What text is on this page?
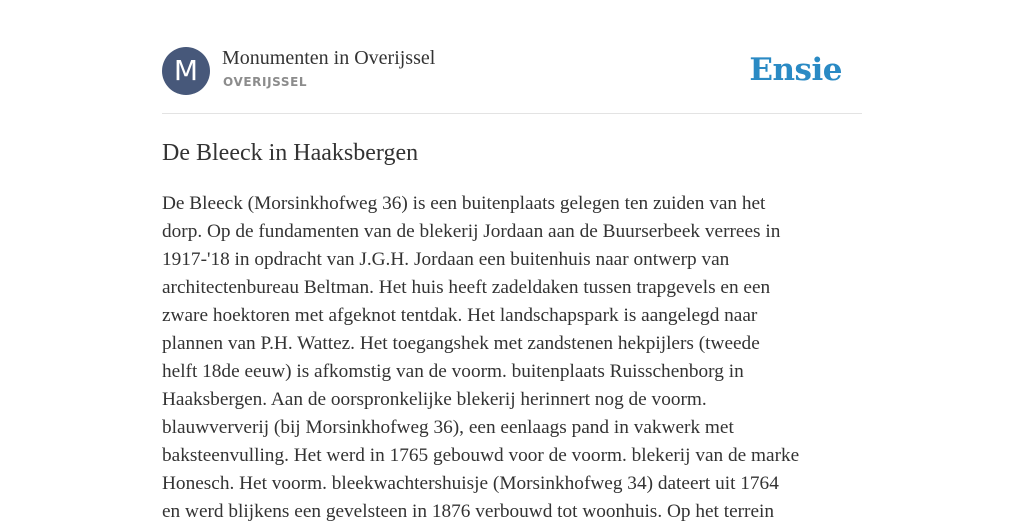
M	Monumenten in Overijssel
OVERIJSSEL	Ensie
De Bleeck in Haaksbergen
De Bleeck (Morsinkhofweg 36) is een buitenplaats gelegen ten zuiden van het
dorp. Op de fundamenten van de blekerij Jordaan aan de Buurserbeek verrees in
1917-'18 in opdracht van J.G.H. Jordaan een buitenhuis naar ontwerp van
architectenbureau Beltman. Het huis heeft zadeldaken tussen trapgevels en een
zware hoektoren met afgeknot tentdak. Het landschapspark is aangelegd naar
plannen van P.H. Wattez. Het toegangshek met zandstenen hekpijlers (tweede
helft 18de eeuw) is afkomstig van de voorm. buitenplaats Ruisschenborg in
Haaksbergen. Aan de oorspronkelijke blekerij herinnert nog de voorm.
blauwververij (bij Morsinkhofweg 36), een eenlaags pand in vakwerk met
baksteenvulling. Het werd in 1765 gebouwd voor de voorm. blekerij van de marke
Honesch. Het voorm. bleekwachtershuisje (Morsinkhofweg 34) dateert uit 1764
en werd blijkens een gevelsteen in 1876 verbouwd tot woonhuis. Op het terrein
